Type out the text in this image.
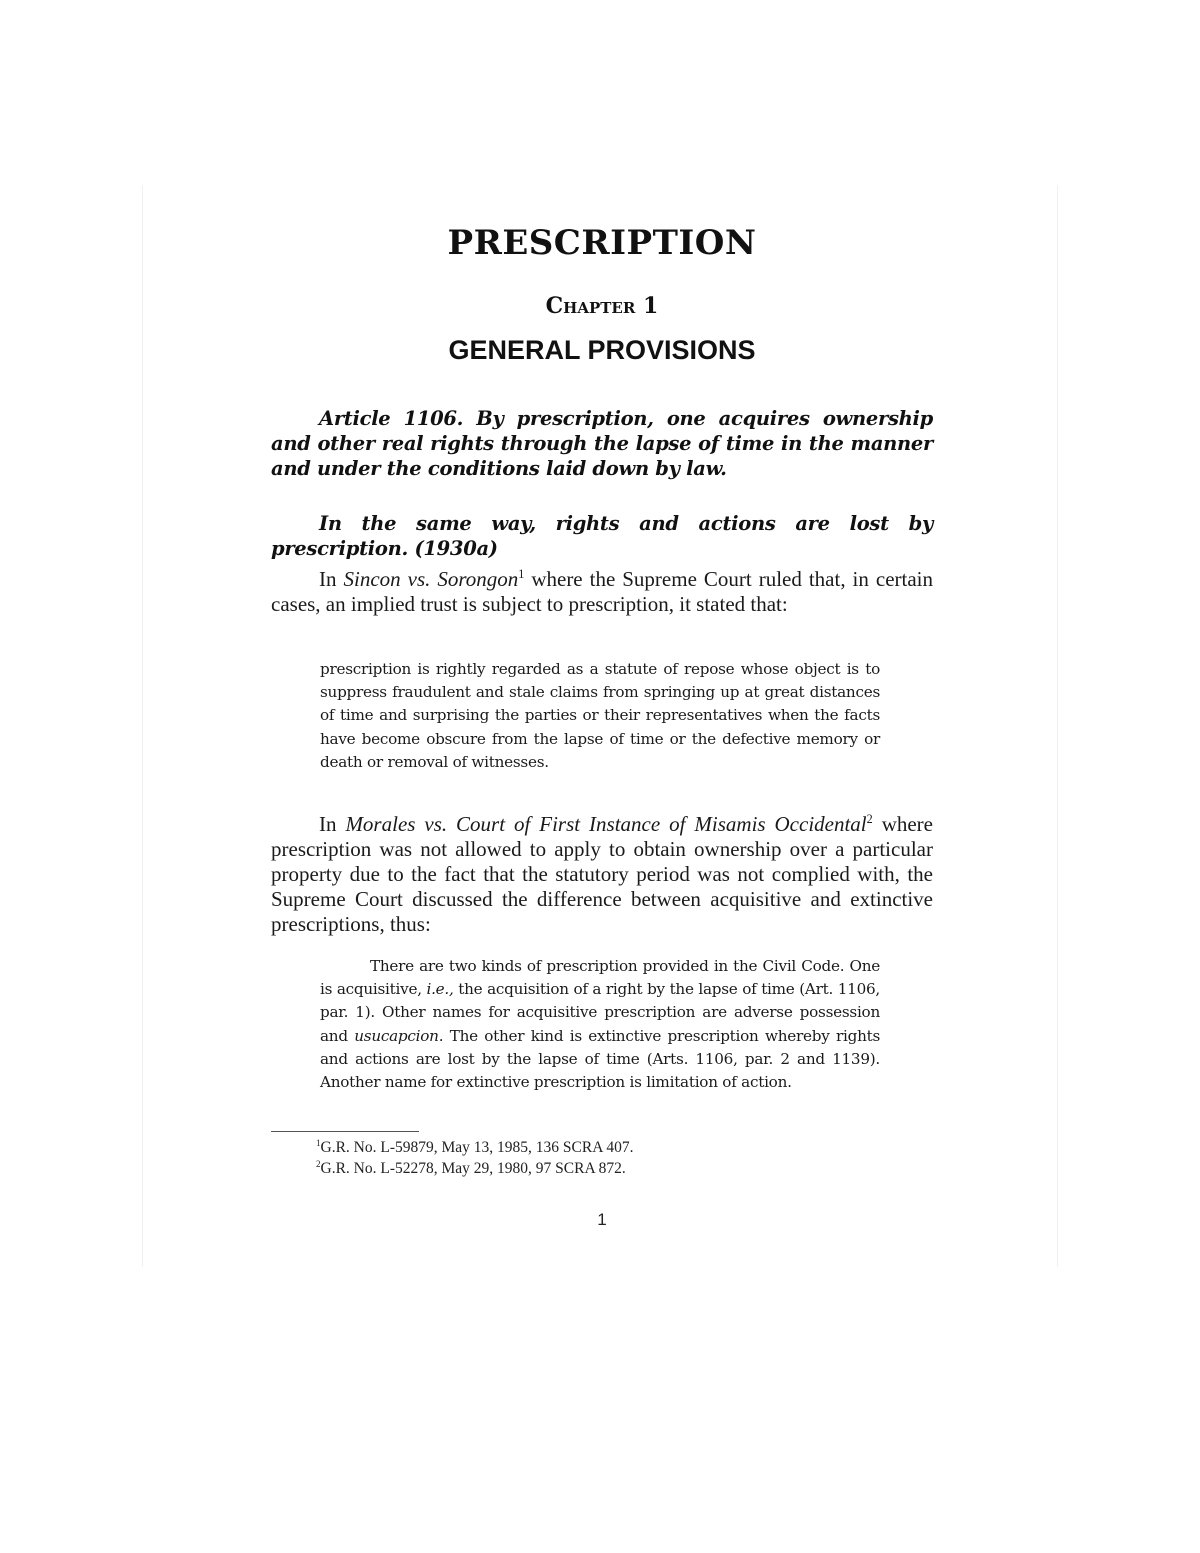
PRESCRIPTION
Chapter 1
GENERAL PROVISIONS

Article 1106. By prescription, one acquires ownership and other real rights through the lapse of time in the manner and under the conditions laid down by law.

In the same way, rights and actions are lost by prescription. (1930a)

In Sincon vs. Sorongon$^1$ where the Supreme Court ruled that, in certain cases, an implied trust is subject to prescription, it stated that:

prescription is rightly regarded as a statute of repose whose object is to suppress fraudulent and stale claims from springing up at great distances of time and surprising the parties or their representatives when the facts have become obscure from the lapse of time or the defective memory or death or removal of witnesses.

In Morales vs. Court of First Instance of Misamis Occidental$^2$ where prescription was not allowed to apply to obtain ownership over a particular property due to the fact that the statutory period was not complied with, the Supreme Court discussed the difference between acquisitive and extinctive prescriptions, thus:

There are two kinds of prescription provided in the Civil Code. One is acquisitive, i.e., the acquisition of a right by the lapse of time (Art. 1106, par. 1). Other names for acquisitive prescription are adverse possession and usucapcion. The other kind is extinctive prescription whereby rights and actions are lost by the lapse of time (Arts. 1106, par. 2 and 1139). Another name for extinctive prescription is limitation of action.

$^1$G.R. No. L-59879, May 13, 1985, 136 SCRA 407.

$^2$G.R. No. L-52278, May 29, 1980, 97 SCRA 872.

1
